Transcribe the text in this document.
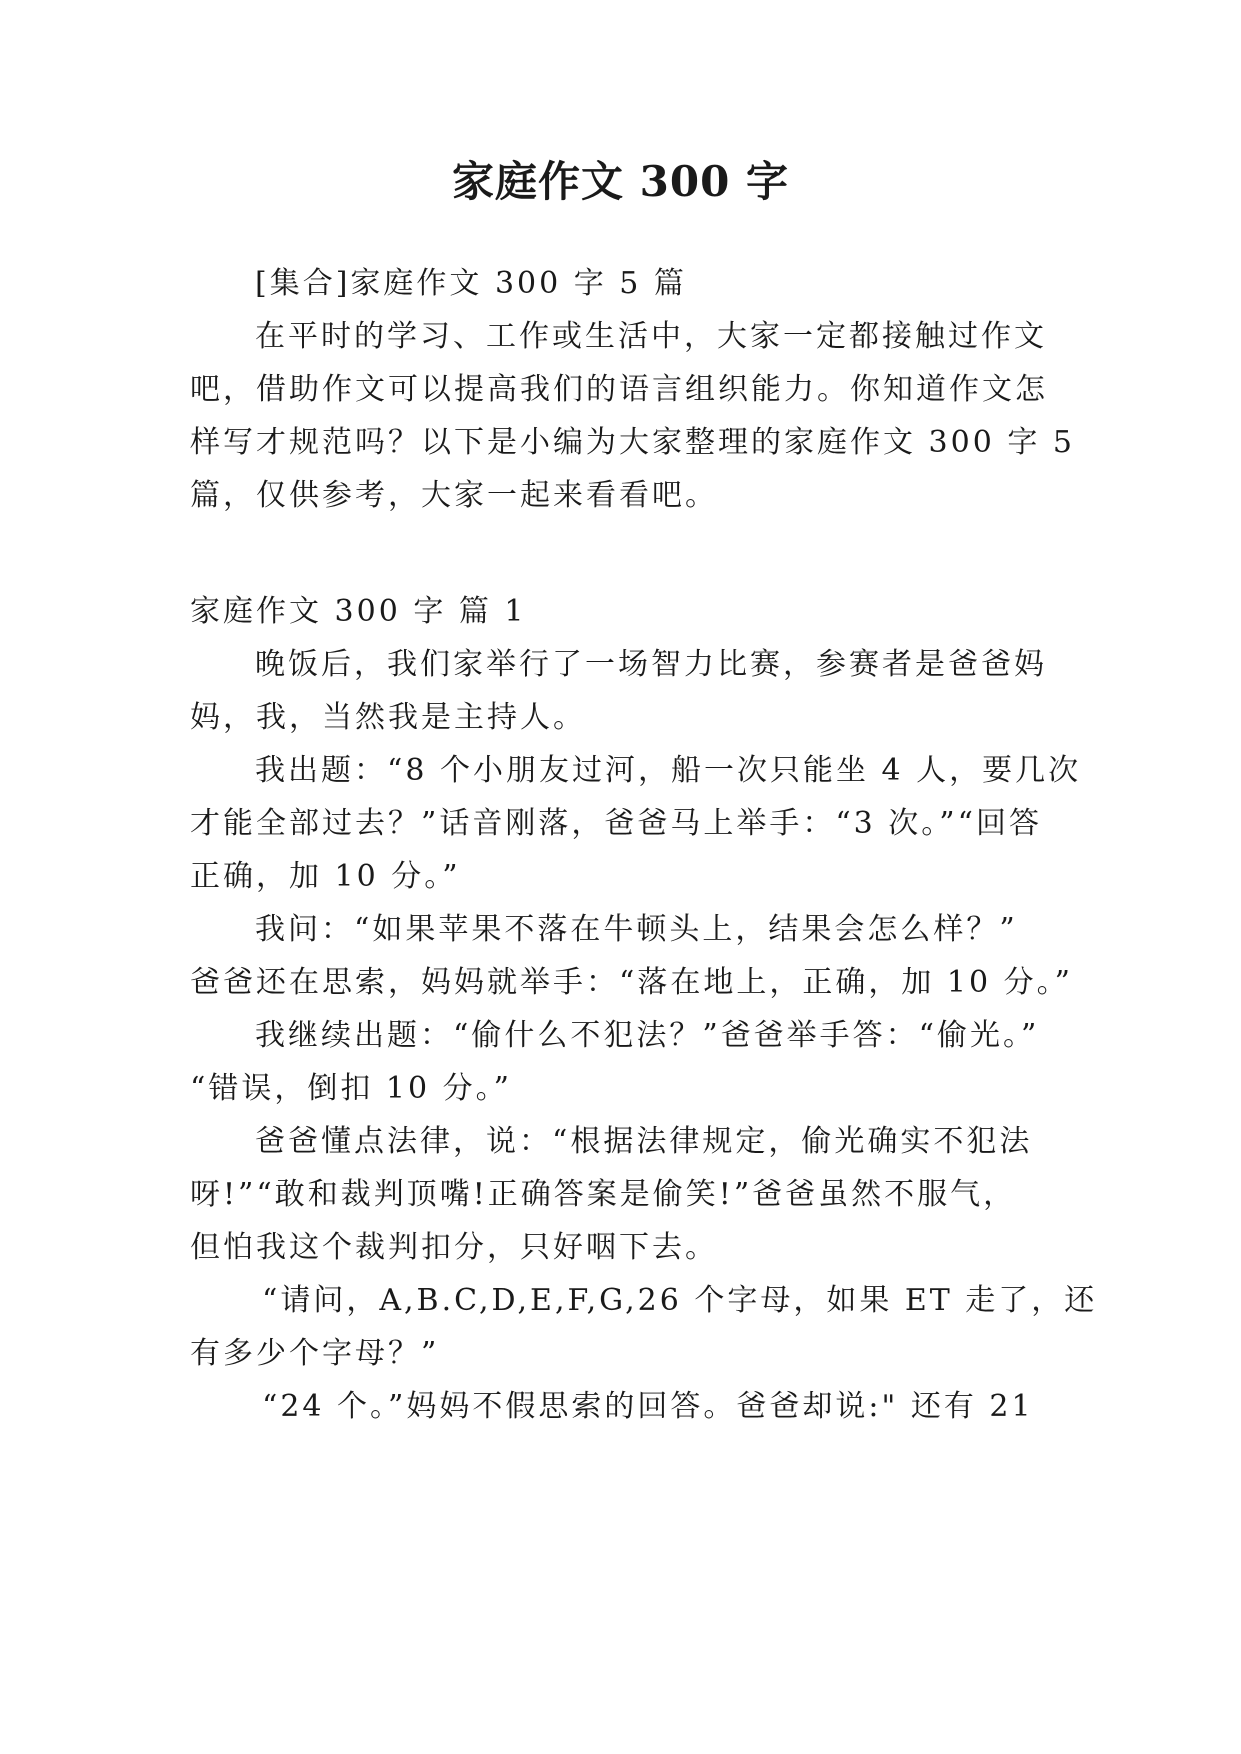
家庭作文 300 字
[集合]家庭作文 300 字 5 篇
在平时的学习、工作或生活中，大家一定都接触过作文
吧，借助作文可以提高我们的语言组织能力。你知道作文怎
样写才规范吗？以下是小编为大家整理的家庭作文 300 字 5
篇，仅供参考，大家一起来看看吧。
家庭作文 300 字 篇 1
晚饭后，我们家举行了一场智力比赛，参赛者是爸爸妈
妈，我，当然我是主持人。
我出题：“8 个小朋友过河，船一次只能坐 4 人，要几次
才能全部过去？”话音刚落，爸爸马上举手：“3 次。”“回答
正确，加 10 分。”
我问：“如果苹果不落在牛顿头上，结果会怎么样？”
爸爸还在思索，妈妈就举手：“落在地上，正确，加 10 分。”
我继续出题：“偷什么不犯法？”爸爸举手答：“偷光。”
“错误，倒扣 10 分。”
爸爸懂点法律，说：“根据法律规定，偷光确实不犯法
呀!”“敢和裁判顶嘴!正确答案是偷笑!”爸爸虽然不服气，
但怕我这个裁判扣分，只好咽下去。
“请问，A,B.C,D,E,F,G,26 个字母，如果 ET 走了，还
有多少个字母？”
“24 个。”妈妈不假思索的回答。爸爸却说:" 还有 21
